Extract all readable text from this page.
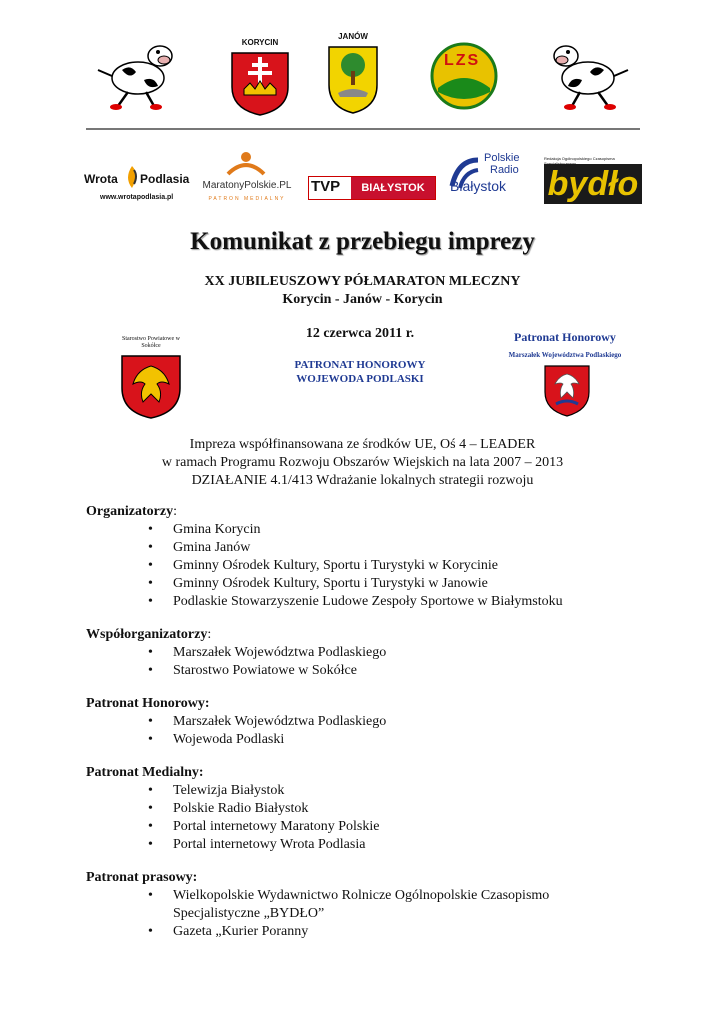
KORYCIN
JANÓW
LZS
Wrota Podlasia
www.wrotapodlasia.pl
MaratonyPolskie.PL
PATRON MEDIALNY
TVP	BIAŁYSTOK
Polskie
Radio
Białystok
Redakcja Ogólnopolskiego Czasopisma
bydło
Komunikat z przebiegu imprezy
XX JUBILEUSZOWY PÓŁMARATON MLECZNY
Korycin - Janów - Korycin
Starostwo Powiatowe w Sokółce
12 czerwca 2011 r.
PATRONAT HONOROWY
WOJEWODA PODLASKI
Patronat Honorowy
Marszałek Województwa Podlaskiego
Impreza współfinansowana ze środków UE, Oś 4 – LEADER
w ramach Programu Rozwoju Obszarów Wiejskich na lata 2007 – 2013
DZIAŁANIE 4.1/413 Wdrażanie lokalnych strategii rozwoju
Organizatorzy:
• Gmina Korycin
• Gmina Janów
• Gminny Ośrodek Kultury, Sportu i Turystyki w Korycinie
• Gminny Ośrodek Kultury, Sportu i Turystyki w Janowie
• Podlaskie Stowarzyszenie Ludowe Zespoły Sportowe w Białymstoku
Współorganizatorzy:
• Marszałek Województwa Podlaskiego
• Starostwo Powiatowe w Sokółce
Patronat Honorowy:
• Marszałek Województwa Podlaskiego
• Wojewoda Podlaski
Patronat Medialny:
• Telewizja Białystok
• Polskie Radio Białystok
• Portal internetowy Maratony Polskie
• Portal internetowy Wrota Podlasia
Patronat prasowy:
• Wielkopolskie Wydawnictwo Rolnicze Ogólnopolskie Czasopismo
Specjalistyczne „BYDŁO”
• Gazeta „Kurier Poranny
